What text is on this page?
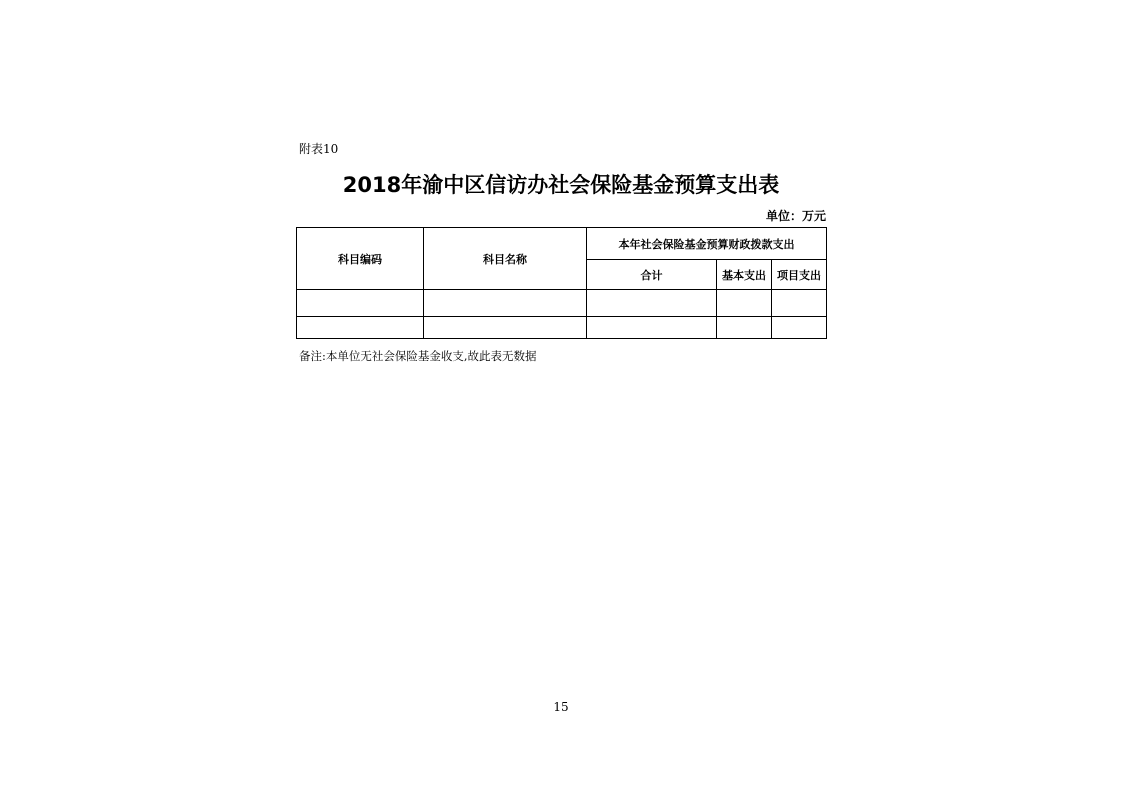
附表10
2018年渝中区信访办社会保险基金预算支出表
单位：万元
科目编码	科目名称	本年社会保险基金预算财政拨款支出		
		合计	基本支出	项目支出

备注:本单位无社会保险基金收支,故此表无数据
15
